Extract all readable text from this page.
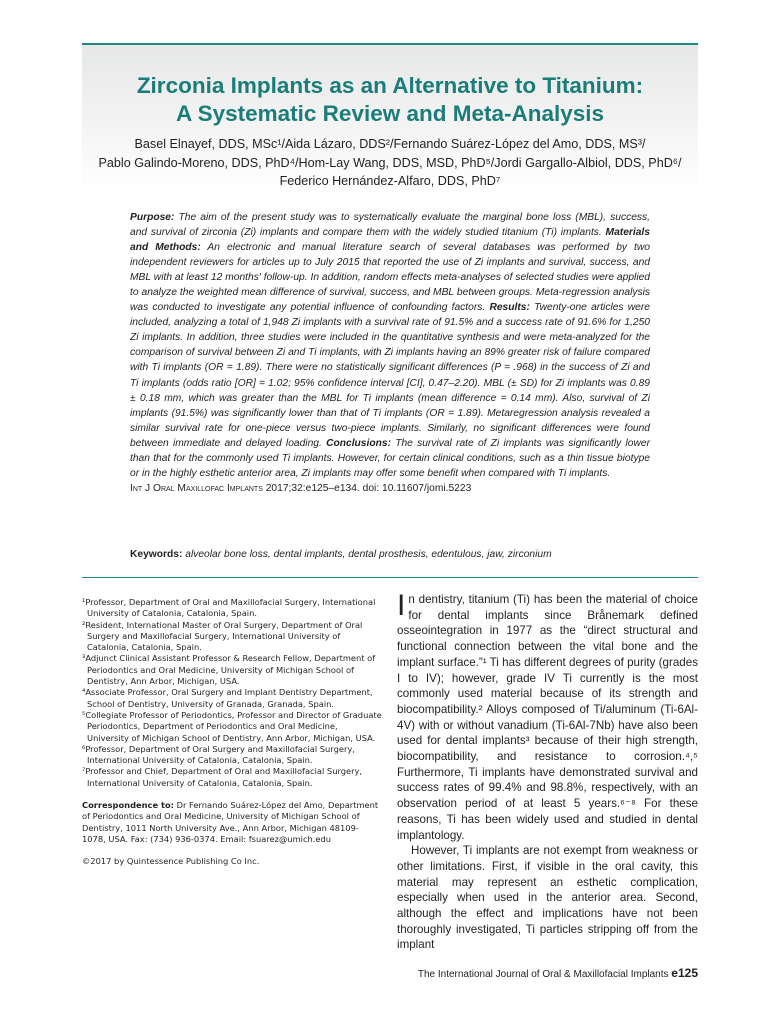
Zirconia Implants as an Alternative to Titanium:
A Systematic Review and Meta-Analysis
Basel Elnayef, DDS, MSc¹/Aida Lázaro, DDS²/Fernando Suárez-López del Amo, DDS, MS³/
Pablo Galindo-Moreno, DDS, PhD⁴/Hom-Lay Wang, DDS, MSD, PhD⁵/Jordi Gargallo-Albiol, DDS, PhD⁶/
Federico Hernández-Alfaro, DDS, PhD⁷
Purpose: The aim of the present study was to systematically evaluate the marginal bone loss (MBL), success, and survival of zirconia (Zi) implants and compare them with the widely studied titanium (Ti) implants. Materials and Methods: An electronic and manual literature search of several databases was performed by two independent reviewers for articles up to July 2015 that reported the use of Zi implants and survival, success, and MBL with at least 12 months' follow-up. In addition, random effects meta-analyses of selected studies were applied to analyze the weighted mean difference of survival, success, and MBL between groups. Meta-regression analysis was conducted to investigate any potential influence of confounding factors. Results: Twenty-one articles were included, analyzing a total of 1,948 Zi implants with a survival rate of 91.5% and a success rate of 91.6% for 1,250 Zi implants. In addition, three studies were included in the quantitative synthesis and were meta-analyzed for the comparison of survival between Zi and Ti implants, with Zi implants having an 89% greater risk of failure compared with Ti implants (OR = 1.89). There were no statistically significant differences (P = .968) in the success of Zi and Ti implants (odds ratio [OR] = 1.02; 95% confidence interval [CI], 0.47–2.20). MBL (± SD) for Zi implants was 0.89 ± 0.18 mm, which was greater than the MBL for Ti implants (mean difference = 0.14 mm). Also, survival of Zi implants (91.5%) was significantly lower than that of Ti implants (OR = 1.89). Metaregression analysis revealed a similar survival rate for one-piece versus two-piece implants. Similarly, no significant differences were found between immediate and delayed loading. Conclusions: The survival rate of Zi implants was significantly lower than that for the commonly used Ti implants. However, for certain clinical conditions, such as a thin tissue biotype or in the highly esthetic anterior area, Zi implants may offer some benefit when compared with Ti implants.
Int J Oral Maxillofac Implants 2017;32:e125–e134. doi: 10.11607/jomi.5223
Keywords: alveolar bone loss, dental implants, dental prosthesis, edentulous, jaw, zirconium

¹Professor, Department of Oral and Maxillofacial Surgery, International University of Catalonia, Catalonia, Spain.

²Resident, International Master of Oral Surgery, Department of Oral Surgery and Maxillofacial Surgery, International University of Catalonia, Catalonia, Spain.

³Adjunct Clinical Assistant Professor & Research Fellow, Department of Periodontics and Oral Medicine, University of Michigan School of Dentistry, Ann Arbor, Michigan, USA.

⁴Associate Professor, Oral Surgery and Implant Dentistry Department, School of Dentistry, University of Granada, Granada, Spain.

⁵Collegiate Professor of Periodontics, Professor and Director of Graduate Periodontics, Department of Periodontics and Oral Medicine, University of Michigan School of Dentistry, Ann Arbor, Michigan, USA.

⁶Professor, Department of Oral Surgery and Maxillofacial Surgery, International University of Catalonia, Catalonia, Spain.

⁷Professor and Chief, Department of Oral and Maxillofacial Surgery, International University of Catalonia, Catalonia, Spain.

Correspondence to: Dr Fernando Suárez-López del Amo, Department of Periodontics and Oral Medicine, University of Michigan School of Dentistry, 1011 North University Ave., Ann Arbor, Michigan 48109-1078, USA. Fax: (734) 936-0374. Email: fsuarez@umich.edu

©2017 by Quintessence Publishing Co Inc.

In dentistry, titanium (Ti) has been the material of choice for dental implants since Brånemark defined osseointegration in 1977 as the “direct structural and functional connection between the vital bone and the implant surface.”¹ Ti has different degrees of purity (grades I to IV); however, grade IV Ti currently is the most commonly used material because of its strength and biocompatibility.² Alloys composed of Ti/aluminum (Ti-6Al-4V) with or without vanadium (Ti-6Al-7Nb) have also been used for dental implants³ because of their high strength, biocompatibility, and resistance to corrosion.⁴,⁵ Furthermore, Ti implants have demonstrated survival and success rates of 99.4% and 98.8%, respectively, with an observation period of at least 5 years.⁶⁻⁸ For these reasons, Ti has been widely used and studied in dental implantology.

However, Ti implants are not exempt from weakness or other limitations. First, if visible in the oral cavity, this material may represent an esthetic complication, especially when used in the anterior area. Second, although the effect and implications have not been thoroughly investigated, Ti particles stripping off from the implant

The International Journal of Oral & Maxillofacial Implants e125
